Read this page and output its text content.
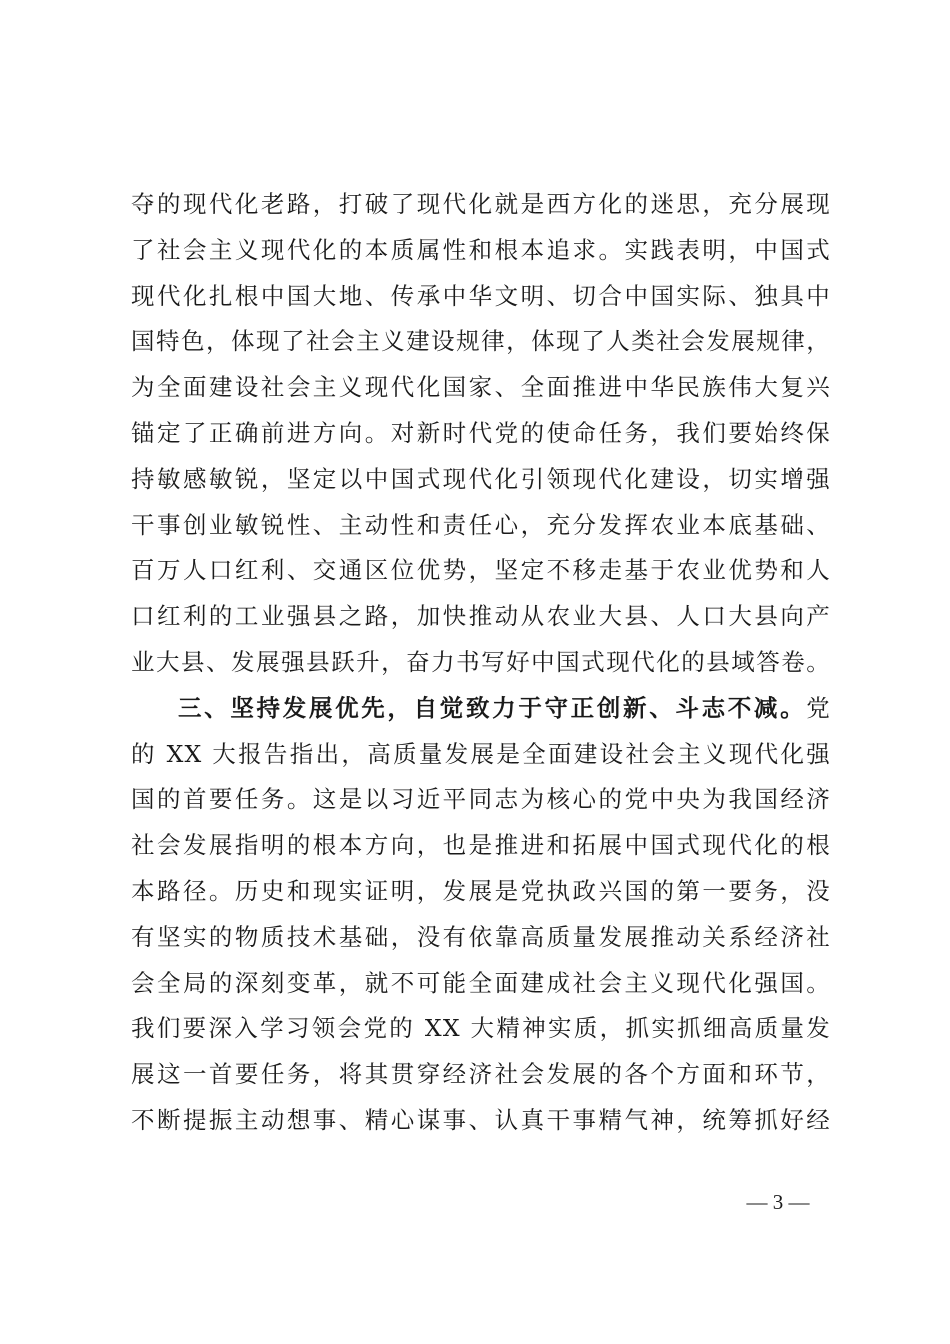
夺的现代化老路，打破了现代化就是西方化的迷思，充分展现
了社会主义现代化的本质属性和根本追求。实践表明，中国式
现代化扎根中国大地、传承中华文明、切合中国实际、独具中
国特色，体现了社会主义建设规律，体现了人类社会发展规律，
为全面建设社会主义现代化国家、全面推进中华民族伟大复兴
锚定了正确前进方向。对新时代党的使命任务，我们要始终保
持敏感敏锐，坚定以中国式现代化引领现代化建设，切实增强
干事创业敏锐性、主动性和责任心，充分发挥农业本底基础、
百万人口红利、交通区位优势，坚定不移走基于农业优势和人
口红利的工业强县之路，加快推动从农业大县、人口大县向产
业大县、发展强县跃升，奋力书写好中国式现代化的县域答卷。
三、坚持发展优先，自觉致力于守正创新、斗志不减。党
的 XX 大报告指出，高质量发展是全面建设社会主义现代化强
国的首要任务。这是以习近平同志为核心的党中央为我国经济
社会发展指明的根本方向，也是推进和拓展中国式现代化的根
本路径。历史和现实证明，发展是党执政兴国的第一要务，没
有坚实的物质技术基础，没有依靠高质量发展推动关系经济社
会全局的深刻变革，就不可能全面建成社会主义现代化强国。
我们要深入学习领会党的 XX 大精神实质，抓实抓细高质量发
展这一首要任务，将其贯穿经济社会发展的各个方面和环节，
不断提振主动想事、精心谋事、认真干事精气神，统筹抓好经
— 3 —
